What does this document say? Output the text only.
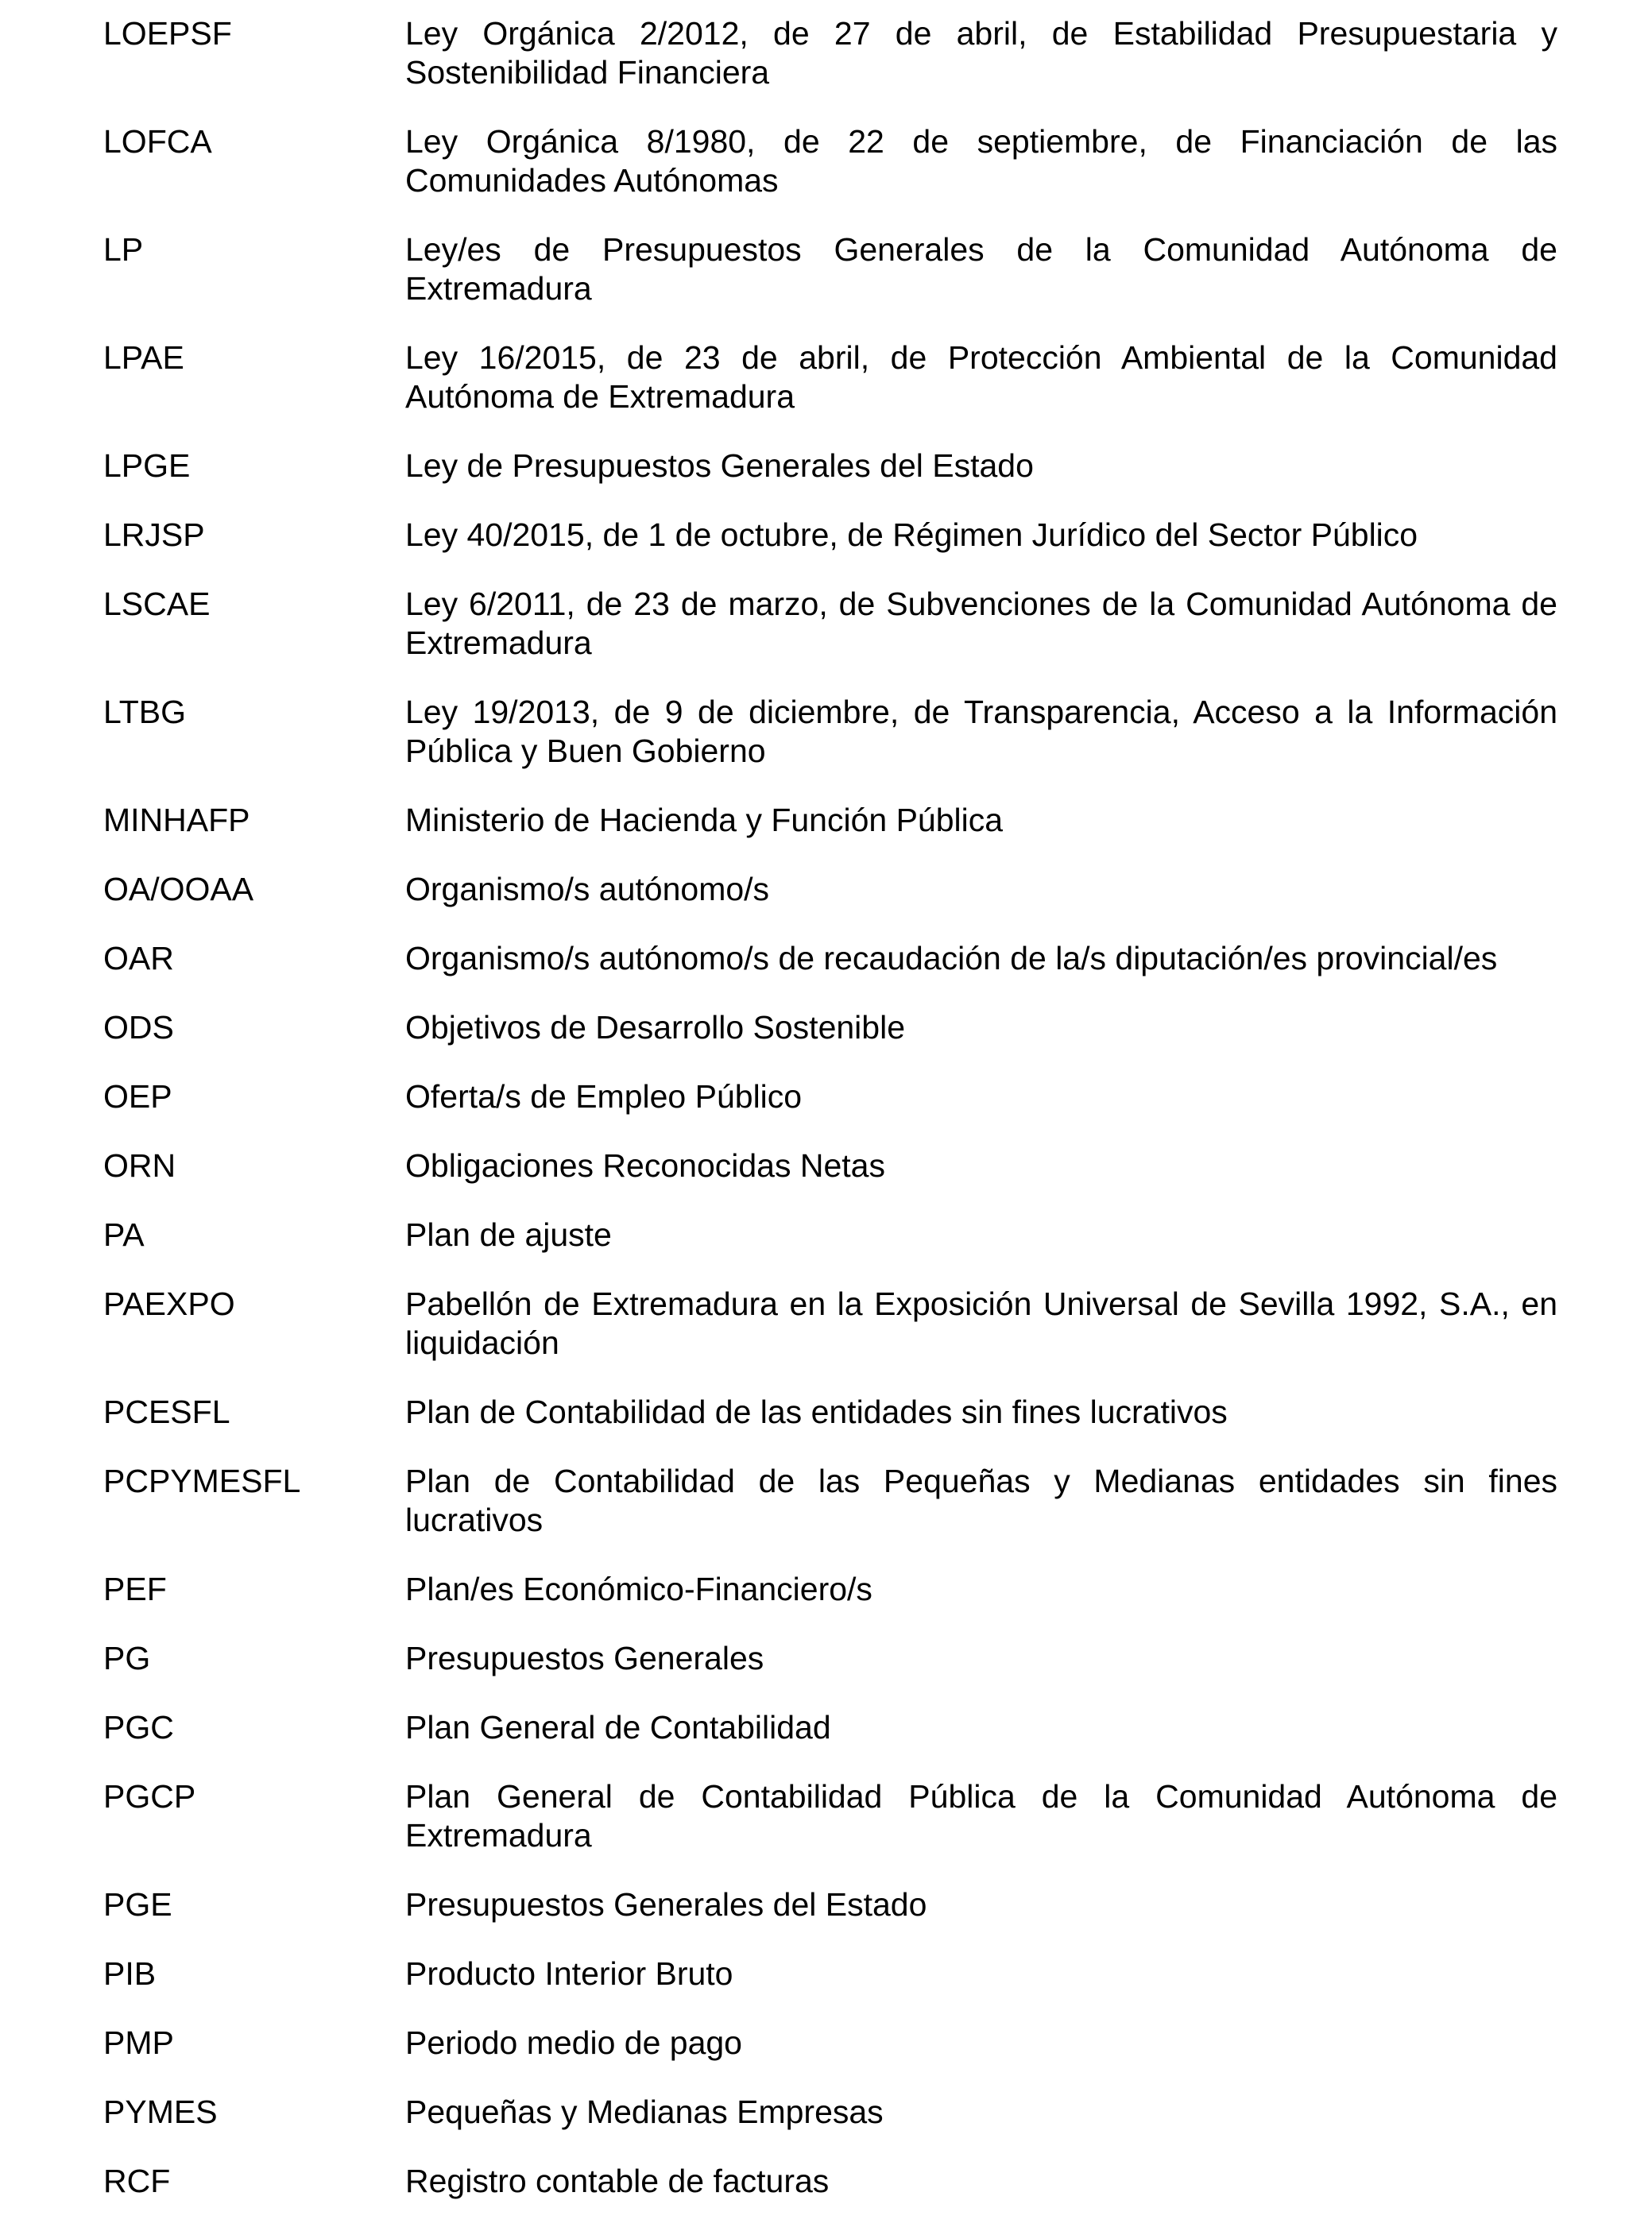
LOEPSF	Ley Orgánica 2/2012, de 27 de abril, de Estabilidad Presupuestaria y Sostenibilidad Financiera
LOFCA	Ley Orgánica 8/1980, de 22 de septiembre, de Financiación de las Comunidades Autónomas
LP	Ley/es de Presupuestos Generales de la Comunidad Autónoma de Extremadura
LPAE	Ley 16/2015, de 23 de abril, de Protección Ambiental de la Comunidad Autónoma de Extremadura
LPGE	Ley de Presupuestos Generales del Estado
LRJSP	Ley 40/2015, de 1 de octubre, de Régimen Jurídico del Sector Público
LSCAE	Ley 6/2011, de 23 de marzo, de Subvenciones de la Comunidad Autónoma de Extremadura
LTBG	Ley 19/2013, de 9 de diciembre, de Transparencia, Acceso a la Información Pública y Buen Gobierno
MINHAFP	Ministerio de Hacienda y Función Pública
OA/OOAA	Organismo/s autónomo/s
OAR	Organismo/s autónomo/s de recaudación de la/s diputación/es provincial/es
ODS	Objetivos de Desarrollo Sostenible
OEP	Oferta/s de Empleo Público
ORN	Obligaciones Reconocidas Netas
PA	Plan de ajuste
PAEXPO	Pabellón de Extremadura en la Exposición Universal de Sevilla 1992, S.A., en liquidación
PCESFL	Plan de Contabilidad de las entidades sin fines lucrativos
PCPYMESFL	Plan de Contabilidad de las Pequeñas y Medianas entidades sin fines lucrativos
PEF	Plan/es Económico-Financiero/s
PG	Presupuestos Generales
PGC	Plan General de Contabilidad
PGCP	Plan General de Contabilidad Pública de la Comunidad Autónoma de Extremadura
PGE	Presupuestos Generales del Estado
PIB	Producto Interior Bruto
PMP	Periodo medio de pago
PYMES	Pequeñas y Medianas Empresas
RCF	Registro contable de facturas
